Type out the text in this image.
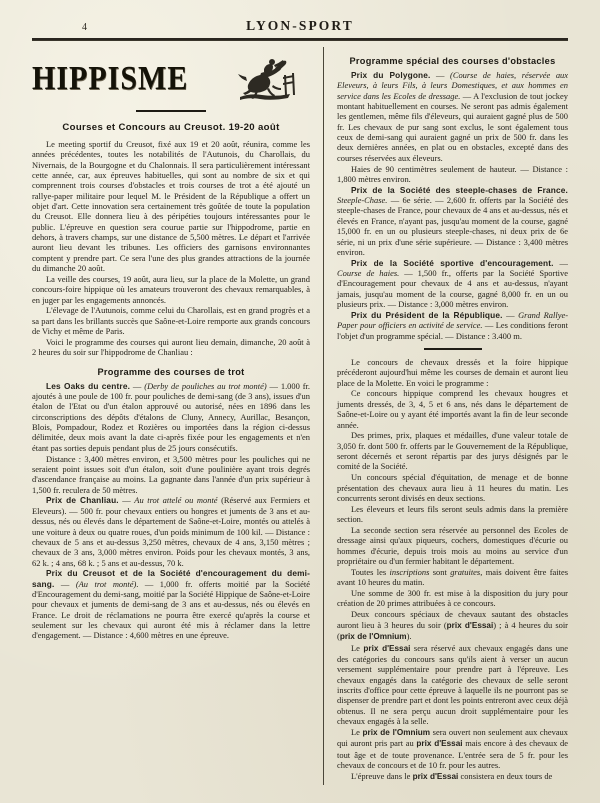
4	LYON-SPORT
HIPPISME
Courses et Concours au Creusot. 19-20 août

Le meeting sportif du Creusot, fixé aux 19 et 20 août, réunira, comme les années précédentes, toutes les notabilités de l'Autunois, du Charollais, du Nivernais, de la Bourgogne et du Chalonnais. Il sera particulièrement intéressant cette année, car, aux épreuves habituelles, qui sont au nombre de six et qui comprennent trois courses d'obstacles et trois courses de trot a été ajouté un rallye-paper militaire pour lequel M. le Président de la République a offert un objet d'art. Cette innovation sera certainement très goûtée de toute la population du Creusot. Elle donnera lieu à des péripéties toujours intéressantes pour le public. L'épreuve en question sera courue partie sur l'hippodrome, partie en dehors, à travers champs, sur une distance de 5,500 mètres. Le départ et l'arrivée auront lieu devant les tribunes. Les officiers des garnisons environnantes comptent y prendre part. Ce sera l'une des plus grandes attractions de la journée du dimanche 20 août.

La veille des courses, 19 août, aura lieu, sur la place de la Molette, un grand concours-foire hippique où les amateurs trouveront des chevaux remarquables, à en juger par les engagements annoncés.

L'élevage de l'Autunois, comme celui du Charollais, est en grand progrès et a sa part dans les brillants succès que Saône-et-Loire remporte aux grands concours de Vichy et même de Paris.

Voici le programme des courses qui auront lieu demain, dimanche, 20 août à 2 heures du soir sur l'hippodrome de Chanliau :

Programme des courses de trot

Les Oaks du centre. — (Derby de pouliches au trot monté) — 1.000 fr. ajoutés à une poule de 100 fr. pour pouliches de demi-sang (de 3 ans), issues d'un étalon de l'Etat ou d'un étalon approuvé ou autorisé, nées en 1896 dans les circonscriptions des dépôts d'étalons de Cluny, Annecy, Aurillac, Besançon, Blois, Pompadour, Rodez et Rozières ou importées dans la région ci-dessus délimitée, deux mois avant la date ci-après fixée pour les engagements et n'en étant pas sorties depuis pendant plus de 25 jours consécutifs.

Distance : 3,400 mètres environ, et 3,500 mètres pour les pouliches qui ne seraient point issues soit d'un étalon, soit d'une poulinière ayant trois degrés d'ascendance française au moins. La gagnante dans l'année d'un prix supérieur à 1,500 fr. reculera de 50 mètres.

Prix de Chanliau. — Au trot attelé ou monté (Réservé aux Fermiers et Eleveurs). — 500 fr. pour chevaux entiers ou hongres et juments de 3 ans et au-dessus, nés ou élevés dans le département de Saône-et-Loire, montés ou attelés à une voiture à deux ou quatre roues, d'un poids minimum de 100 kil. — Distance : chevaux de 5 ans et au-dessus 3,250 mètres, chevaux de 4 ans, 3,150 mètres ; chevaux de 3 ans, 3,000 mètres environ. Poids pour les chevaux montés, 3 ans, 62 k. ; 4 ans, 68 k. ; 5 ans et au-dessus, 70 k.

Prix du Creusot et de la Société d'encouragement du demi-sang. — (Au trot monté). — 1,000 fr. offerts moitié par la Société d'Encouragement du demi-sang, moitié par la Société Hippique de Saône-et-Loire pour chevaux et juments de demi-sang de 3 ans et au-dessus, nés ou élevés en France. Le droit de réclamations ne pourra être exercé qu'après la course et seulement sur les chevaux qui auront été mis à réclamer dans la lettre d'engagement. — Distance : 4,600 mètres en une épreuve.

Programme spécial des courses d'obstacles

Prix du Polygone. — (Course de haies, réservée aux Eleveurs, à leurs Fils, à leurs Domestiques, et aux hommes en service dans les Ecoles de dressage. — A l'exclusion de tout jockey montant habituellement en courses. Ne seront pas admis également les gentlemen, même fils d'éleveurs, qui auraient gagné plus de 500 fr. Les chevaux de pur sang sont exclus, le sont également tous ceux de demi-sang qui auraient gagné un prix de 500 fr. dans les deux dernières années, en plat ou en obstacles, excepté dans des courses réservées aux éleveurs.

Haies de 90 centimètres seulement de hauteur. — Distance : 1,800 mètres environ.

Prix de la Société des steeple-chases de France. Steeple-Chase. — 6e série. — 2,600 fr. offerts par la Société des steeple-chases de France, pour chevaux de 4 ans et au-dessus, nés et élevés en France, n'ayant pas, jusqu'au moment de la course, gagné 15,000 fr. en un ou plusieurs steeple-chases, ni deux prix de 6e série, ni un prix d'une série supérieure. — Distance : 3,400 mètres environ.

Prix de la Société sportive d'encouragement. — Course de haies. — 1,500 fr., offerts par la Société Sportive d'Encouragement pour chevaux de 4 ans et au-dessus, n'ayant jamais, jusqu'au moment de la course, gagné 8,000 fr. en un ou plusieurs prix. — Distance : 3,000 mètres environ.

Prix du Président de la République. — Grand Rallye-Paper pour officiers en activité de service. — Les conditions feront l'objet d'un programme spécial. — Distance : 3.400 m.

Le concours de chevaux dressés et la foire hippique précéderont aujourd'hui même les courses de demain et auront lieu place de la Molette. En voici le programme :

Ce concours hippique comprend les chevaux hougres et juments dressés, de 3, 4, 5 et 6 ans, nés dans le département de Saône-et-Loire ou y ayant été importés avant la fin de leur seconde année.

Des primes, prix, plaques et médailles, d'une valeur totale de 3,050 fr. dont 500 fr. offerts par le Gouvernement de la République, seront décernés et seront répartis par des jurys désignés par le comité de la Société.

Un concours spécial d'équitation, de menage et de bonne présentation des chevaux aura lieu à 11 heures du matin. Les concurrents seront divisés en deux sections.

Les éleveurs et leurs fils seront seuls admis dans la première section.

La seconde section sera réservée au personnel des Ecoles de dressage ainsi qu'aux piqueurs, cochers, domestiques d'écurie ou hommes d'écurie, depuis trois mois au moins au service d'un propriétaire ou d'un fermier habitant le département.

Toutes les inscriptions sont gratuites, mais doivent être faites avant 10 heures du matin.

Une somme de 300 fr. est mise à la disposition du jury pour création de 20 primes attribuées à ce concours.

Deux concours spéciaux de chevaux sautant des obstacles auront lieu à 3 heures du soir (prix d'Essai) ; à 4 heures du soir (prix de l'Omnium).

Le prix d'Essai sera réservé aux chevaux engagés dans une des catégories du concours sans qu'ils aient à verser un aucun versement supplémentaire pour prendre part à l'épreuve. Les chevaux engagés dans la catégorie des chevaux de selle seront inscrits d'office pour cette épreuve à laquelle ils ne pourront pas se dispenser de prendre part et dont les points entreront avec ceux déjà obtenus. Il ne sera perçu aucun droit supplémentaire pour les chevaux engagés à la selle.

Le prix de l'Omnium sera ouvert non seulement aux chevaux qui auront pris part au prix d'Essai mais encore à des chevaux de tout âge et de toute provenance. L'entrée sera de 5 fr. pour les chevaux de concours et de 10 fr. pour les autres.

L'épreuve dans le prix d'Essai consistera en deux tours de
